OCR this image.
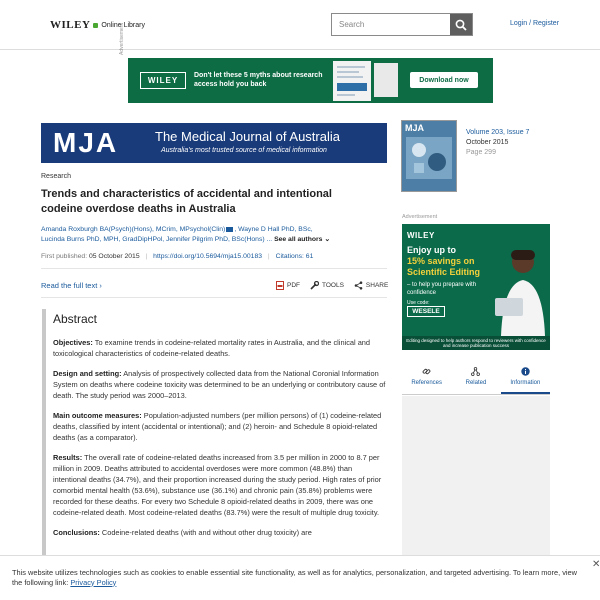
WILEY Online Library
Search	Login / Register
Advertisement
WILEY
Don't let these 5 myths about research access hold you back
Download now
MJA	The Medical Journal of Australia
Australia's most trusted source of medical information
Research
Trends and characteristics of accidental and intentional codeine overdose deaths in Australia
Amanda Roxburgh BA(Psych)(Hons), MCrim, MPsychol(Clin) , Wayne D Hall PhD, BSc,
Lucinda Burns PhD, MPH, GradDipHPol, Jennifer Pilgrim PhD, BSc(Hons) ... See all authors ⌄
First published: 05 October 2015 | https://doi.org/10.5694/mja15.00183 | Citations: 61
Read the full text ›	PDF	TOOLS	SHARE
Abstract

Objectives: To examine trends in codeine-related mortality rates in Australia, and the clinical and toxicological characteristics of codeine-related deaths.

Design and setting: Analysis of prospectively collected data from the National Coronial Information System on deaths where codeine toxicity was determined to be an underlying or contributory cause of death. The study period was 2000–2013.

Main outcome measures: Population-adjusted numbers (per million persons) of (1) codeine-related deaths, classified by intent (accidental or intentional); and (2) heroin- and Schedule 8 opioid-related deaths (as a comparator).

Results: The overall rate of codeine-related deaths increased from 3.5 per million in 2000 to 8.7 per million in 2009. Deaths attributed to accidental overdoses were more common (48.8%) than intentional deaths (34.7%), and their proportion increased during the study period. High rates of prior comorbid mental health (53.6%), substance use (36.1%) and chronic pain (35.8%) problems were recorded for these deaths. For every two Schedule 8 opioid-related deaths in 2009, there was one codeine-related death. Most codeine-related deaths (83.7%) were the result of multiple drug toxicity.

Conclusions: Codeine-related deaths (with and without other drug toxicity) are

MJA	Volume 203, Issue 7
October 2015
Page 299
Advertisement
WILEY
Enjoy up to
15% savings on Scientific Editing
– to help you prepare with confidence
Use code:
WESELE
Editing designed to help authors respond to reviewers with confidence and increase publication success
References	Related	Information
This website utilizes technologies such as cookies to enable essential site functionality, as well as for analytics, personalization, and targeted advertising. To learn more, view the following link: Privacy Policy
✕
